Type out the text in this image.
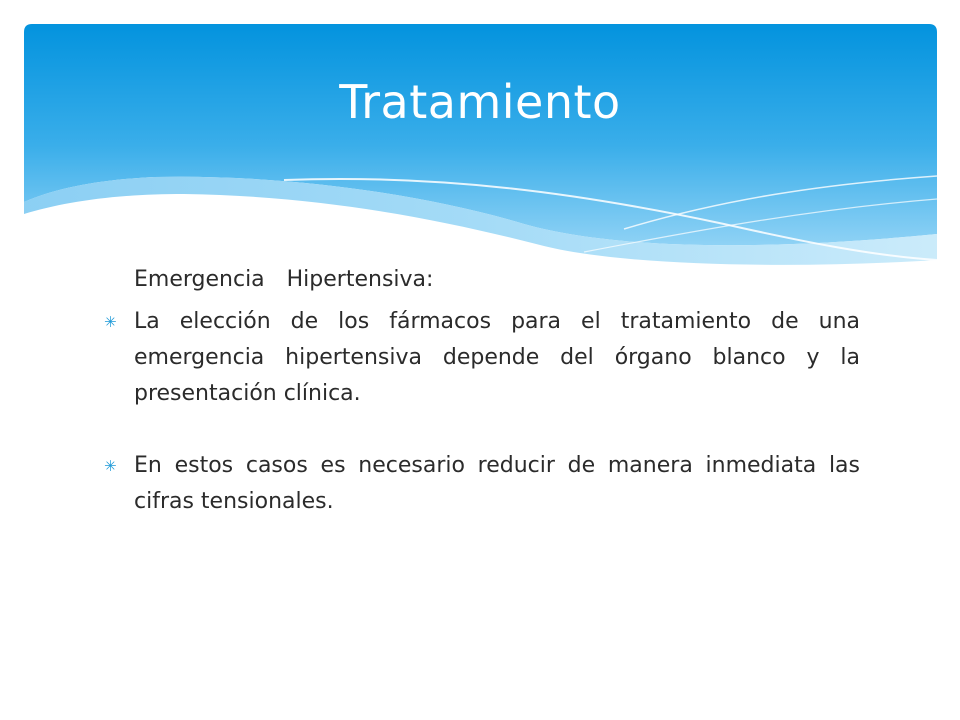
Tratamiento

Emergencia  Hipertensiva:

✳ La elección de los fármacos para el tratamiento de una emergencia hipertensiva depende del órgano blanco y la presentación clínica.
✳ En estos casos es necesario reducir de manera inmediata las cifras tensionales.
